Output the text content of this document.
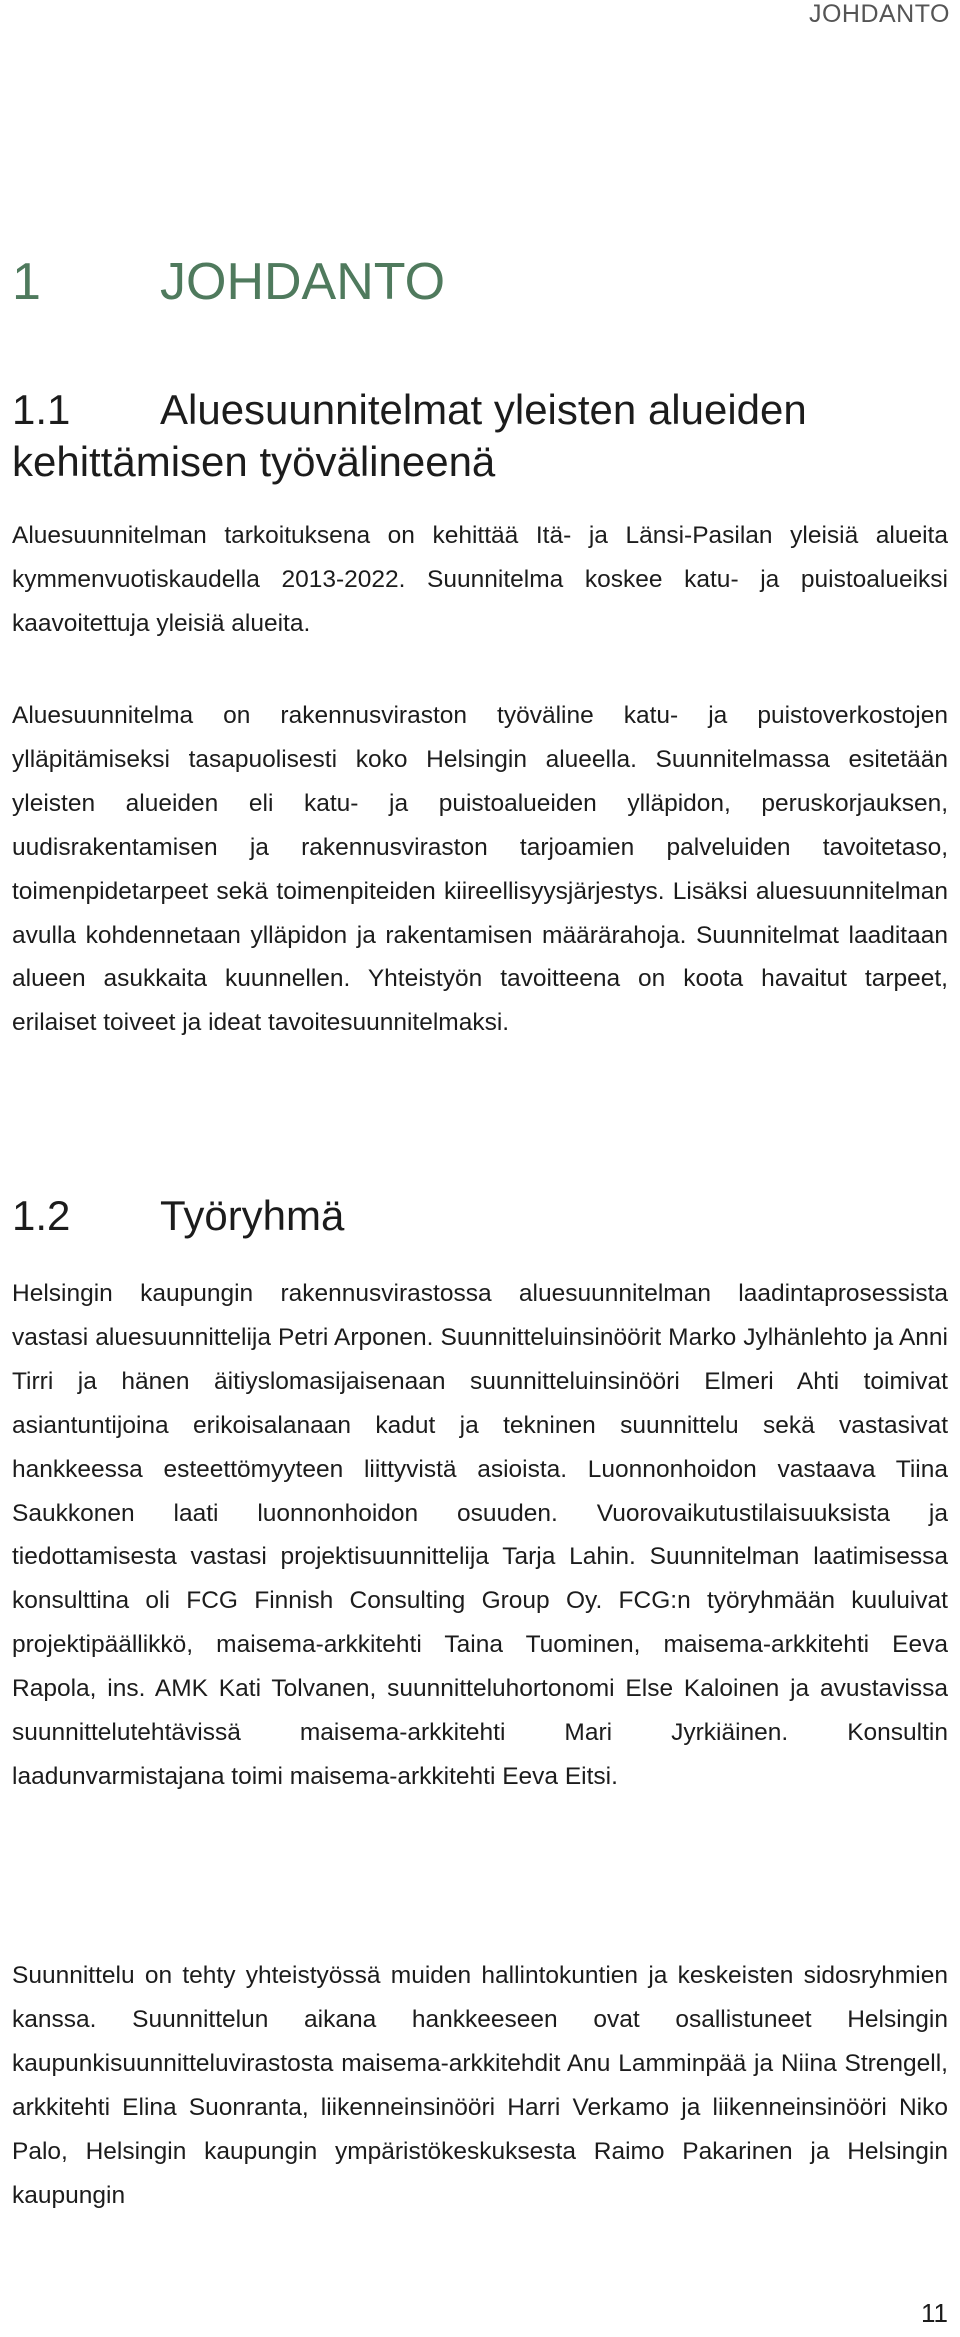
JOHDANTO
1 JOHDANTO
1.1 Aluesuunnitelmat yleisten alueiden kehittämisen työvälineenä

Aluesuunnitelman tarkoituksena on kehittää Itä- ja Länsi-Pasilan yleisiä alueita kymmenvuotiskaudella 2013-2022. Suunnitelma koskee katu- ja puistoalueiksi kaavoitettuja yleisiä alueita.

Aluesuunnitelma on rakennusviraston työväline katu- ja puistoverkostojen ylläpitämiseksi tasapuolisesti koko Helsingin alueella. Suunnitelmassa esitetään yleisten alueiden eli katu- ja puistoalueiden ylläpidon, peruskorjauksen, uudisrakentamisen ja rakennusviraston tarjoamien palveluiden tavoitetaso, toimenpidetarpeet sekä toimenpiteiden kiireellisyysjärjestys. Lisäksi aluesuunnitelman avulla kohdennetaan ylläpidon ja rakentamisen määrärahoja. Suunnitelmat laaditaan alueen asukkaita kuunnellen. Yhteistyön tavoitteena on koota havaitut tarpeet, erilaiset toiveet ja ideat tavoitesuunnitelmaksi.

1.2 Työryhmä

Helsingin kaupungin rakennusvirastossa aluesuunnitelman laadintaprosessista vastasi aluesuunnittelija Petri Arponen. Suunnitteluinsinöörit Marko Jylhänlehto ja Anni Tirri ja hänen äitiyslomasijaisenaan suunnitteluinsinööri Elmeri Ahti toimivat asiantuntijoina erikoisalanaan kadut ja tekninen suunnittelu sekä vastasivat hankkeessa esteettömyyteen liittyvistä asioista. Luonnonhoidon vastaava Tiina Saukkonen laati luonnonhoidon osuuden. Vuorovaikutustilaisuuksista ja tiedottamisesta vastasi projektisuunnittelija Tarja Lahin. Suunnitelman laatimisessa konsulttina oli FCG Finnish Consulting Group Oy. FCG:n työryhmään kuuluivat projektipäällikkö, maisema-arkkitehti Taina Tuominen, maisema-arkkitehti Eeva Rapola, ins. AMK Kati Tolvanen, suunnitteluhortonomi Else Kaloinen ja avustavissa suunnittelutehtävissä maisema-arkkitehti Mari Jyrkiäinen. Konsultin laadunvarmistajana toimi maisema-arkkitehti Eeva Eitsi.

Suunnittelu on tehty yhteistyössä muiden hallintokuntien ja keskeisten sidosryhmien kanssa. Suunnittelun aikana hankkeeseen ovat osallistuneet Helsingin kaupunkisuunnitteluvirastosta maisema-arkkitehdit Anu Lamminpää ja Niina Strengell, arkkitehti Elina Suonranta, liikenneinsinööri Harri Verkamo ja liikenneinsinööri Niko Palo, Helsingin kaupungin ympäristökeskuksesta Raimo Pakarinen ja Helsingin kaupungin

11
